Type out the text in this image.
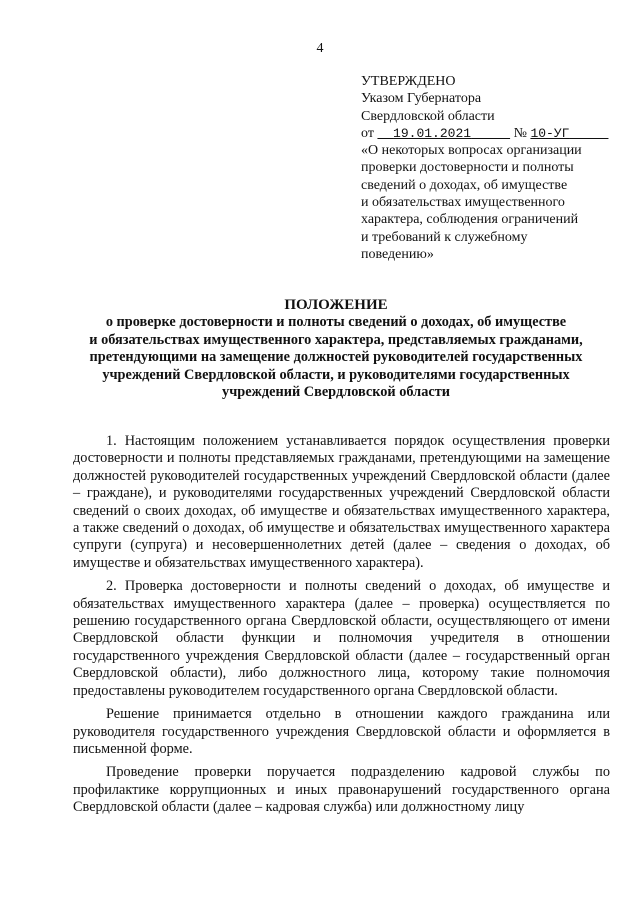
4
УТВЕРЖДЕНО
Указом Губернатора
Свердловской области
от 19.01.2021	№ 10-УГ
«О некоторых вопросах организации
проверки достоверности и полноты
сведений о доходах, об имуществе
и обязательствах имущественного
характера, соблюдения ограничений
и требований к служебному
поведению»
ПОЛОЖЕНИЕ
о проверке достоверности и полноты сведений о доходах, об имуществе
и обязательствах имущественного характера, представляемых гражданами,
претендующими на замещение должностей руководителей государственных
учреждений Свердловской области, и руководителями государственных
учреждений Свердловской области

1. Настоящим положением устанавливается порядок осуществления проверки достоверности и полноты представляемых гражданами, претендующими на замещение должностей руководителей государственных учреждений Свердловской области (далее – граждане), и руководителями государственных учреждений Свердловской области сведений о своих доходах, об имуществе и обязательствах имущественного характера, а также сведений о доходах, об имуществе и обязательствах имущественного характера супруги (супруга) и несовершеннолетних детей (далее – сведения о доходах, об имуществе и обязательствах имущественного характера).

2. Проверка достоверности и полноты сведений о доходах, об имуществе и обязательствах имущественного характера (далее – проверка) осуществляется по решению государственного органа Свердловской области, осуществляющего от имени Свердловской области функции и полномочия учредителя в отношении государственного учреждения Свердловской области (далее – государственный орган Свердловской области), либо должностного лица, которому такие полномочия предоставлены руководителем государственного органа Свердловской области.

Решение принимается отдельно в отношении каждого гражданина или руководителя государственного учреждения Свердловской области и оформляется в письменной форме.

Проведение проверки поручается подразделению кадровой службы по профилактике коррупционных и иных правонарушений государственного органа Свердловской области (далее – кадровая служба) или должностному лицу
